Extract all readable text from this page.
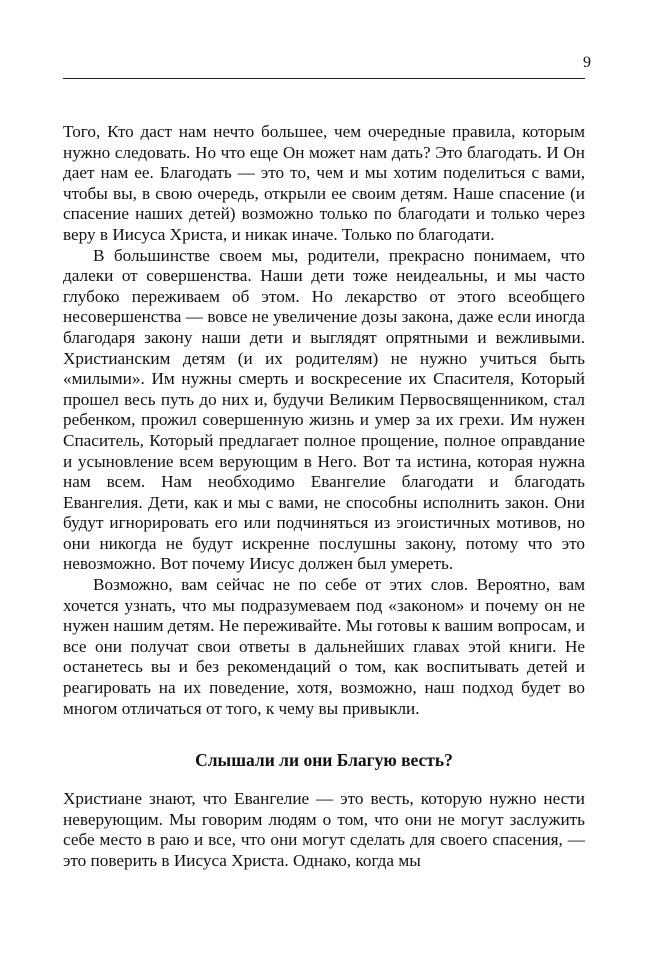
9

Того, Кто даст нам нечто большее, чем очередные правила, которым нужно следовать. Но что еще Он может нам дать? Это благодать. И Он дает нам ее. Благодать — это то, чем и мы хотим поделиться с вами, чтобы вы, в свою очередь, открыли ее своим детям. Наше спасение (и спасение наших детей) возможно только по благодати и только через веру в Иисуса Христа, и никак иначе. Только по благодати.

В большинстве своем мы, родители, прекрасно понимаем, что далеки от совершенства. Наши дети тоже неидеальны, и мы часто глубоко переживаем об этом. Но лекарство от этого всеобщего несовершенства — вовсе не увеличение дозы закона, даже если иногда благодаря закону наши дети и выглядят опрятными и вежливыми. Христианским детям (и их родителям) не нужно учиться быть «милыми». Им нужны смерть и воскресение их Спасителя, Который прошел весь путь до них и, будучи Великим Первосвященником, стал ребенком, прожил совершенную жизнь и умер за их грехи. Им нужен Спаситель, Который предлагает полное прощение, полное оправдание и усыновление всем верующим в Него. Вот та истина, которая нужна нам всем. Нам необходимо Евангелие благодати и благодать Евангелия. Дети, как и мы с вами, не способны исполнить закон. Они будут игнорировать его или подчиняться из эгоистичных мотивов, но они никогда не будут искренне послушны закону, потому что это невозможно. Вот почему Иисус должен был умереть.

Возможно, вам сейчас не по себе от этих слов. Вероятно, вам хочется узнать, что мы подразумеваем под «законом» и почему он не нужен нашим детям. Не переживайте. Мы готовы к вашим вопросам, и все они получат свои ответы в дальнейших главах этой книги. Не останетесь вы и без рекомендаций о том, как воспитывать детей и реагировать на их поведение, хотя, возможно, наш подход будет во многом отличаться от того, к чему вы привыкли.

Слышали ли они Благую весть?

Христиане знают, что Евангелие — это весть, которую нужно нести неверующим. Мы говорим людям о том, что они не могут заслужить себе место в раю и все, что они могут сделать для своего спасения, — это поверить в Иисуса Христа. Однако, когда мы
